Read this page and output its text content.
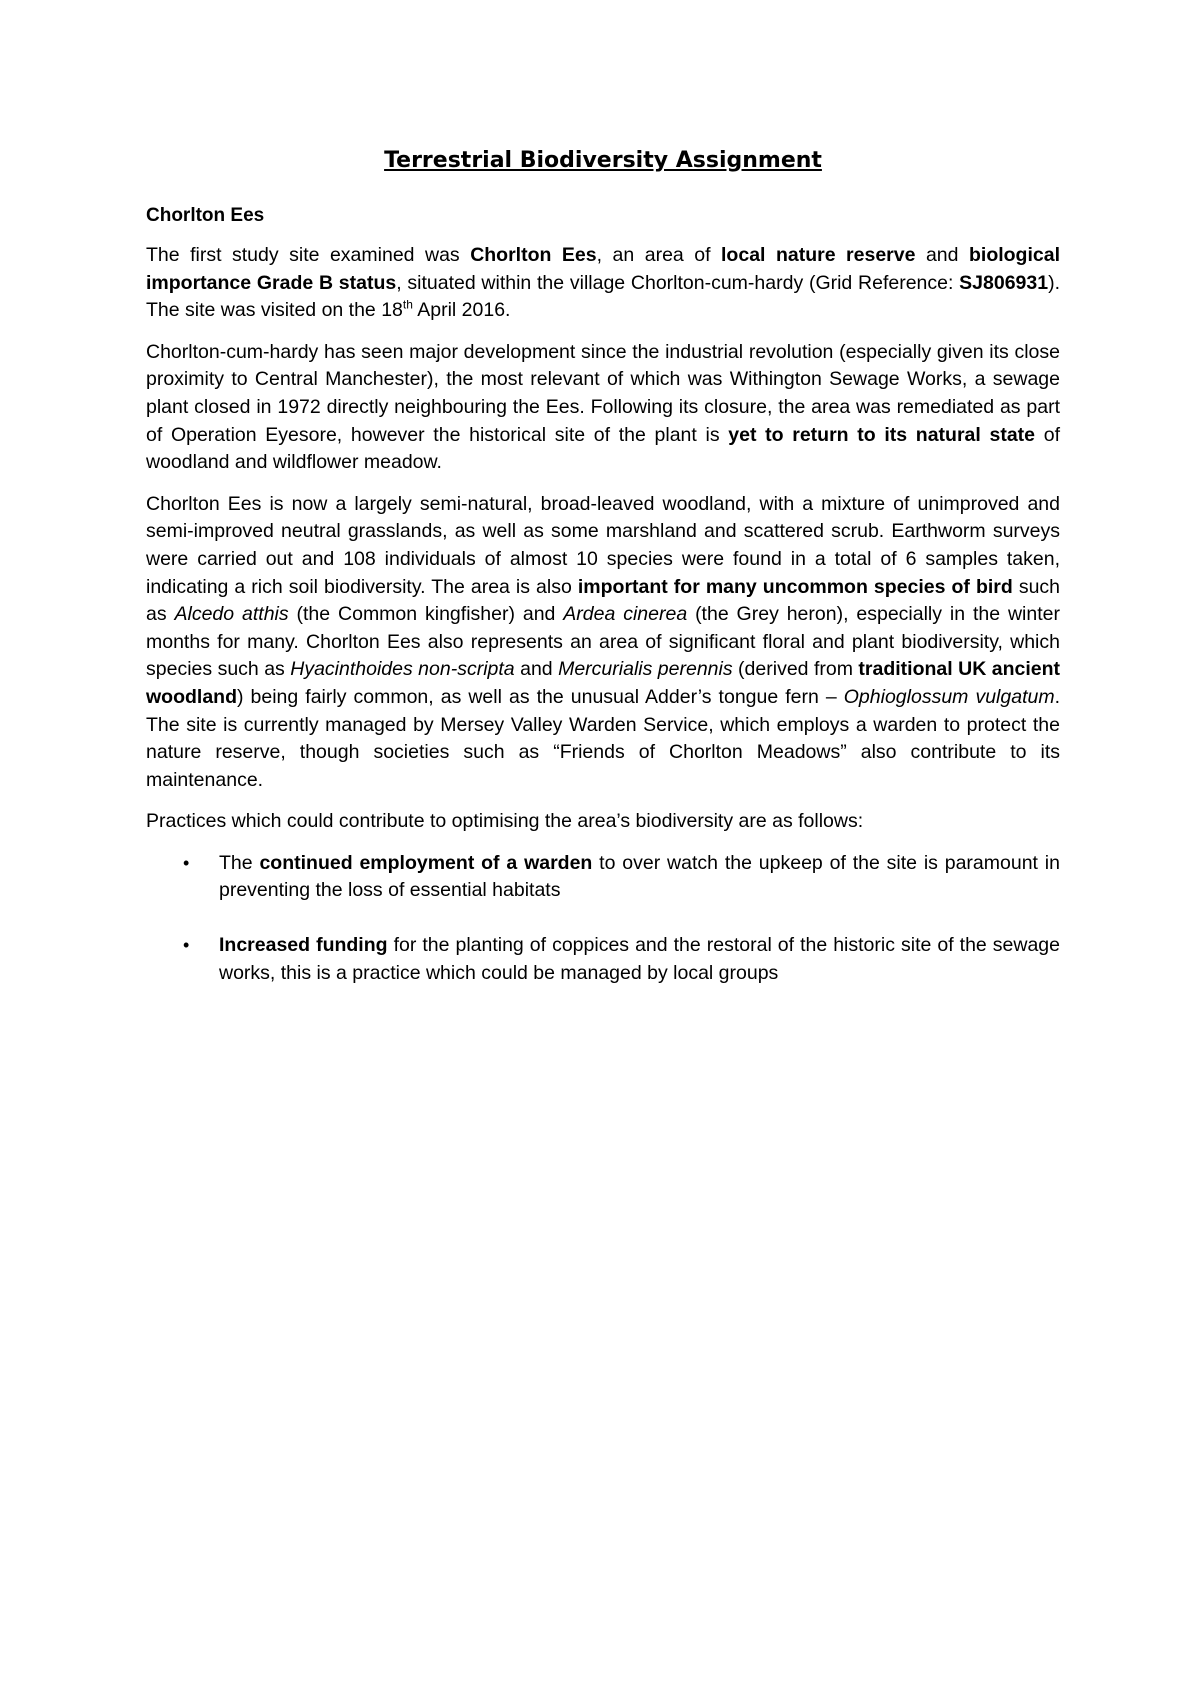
Terrestrial Biodiversity Assignment
Chorlton Ees

The first study site examined was Chorlton Ees, an area of local nature reserve and biological importance Grade B status, situated within the village Chorlton-cum-hardy (Grid Reference: SJ806931). The site was visited on the 18th April 2016.

Chorlton-cum-hardy has seen major development since the industrial revolution (especially given its close proximity to Central Manchester), the most relevant of which was Withington Sewage Works, a sewage plant closed in 1972 directly neighbouring the Ees. Following its closure, the area was remediated as part of Operation Eyesore, however the historical site of the plant is yet to return to its natural state of woodland and wildflower meadow.

Chorlton Ees is now a largely semi-natural, broad-leaved woodland, with a mixture of unimproved and semi-improved neutral grasslands, as well as some marshland and scattered scrub. Earthworm surveys were carried out and 108 individuals of almost 10 species were found in a total of 6 samples taken, indicating a rich soil biodiversity. The area is also important for many uncommon species of bird such as Alcedo atthis (the Common kingfisher) and Ardea cinerea (the Grey heron), especially in the winter months for many. Chorlton Ees also represents an area of significant floral and plant biodiversity, which species such as Hyacinthoides non-scripta and Mercurialis perennis (derived from traditional UK ancient woodland) being fairly common, as well as the unusual Adder’s tongue fern – Ophioglossum vulgatum. The site is currently managed by Mersey Valley Warden Service, which employs a warden to protect the nature reserve, though societies such as “Friends of Chorlton Meadows” also contribute to its maintenance.

Practices which could contribute to optimising the area’s biodiversity are as follows:

• The continued employment of a warden to over watch the upkeep of the site is paramount in preventing the loss of essential habitats
• Increased funding for the planting of coppices and the restoral of the historic site of the sewage works, this is a practice which could be managed by local groups
